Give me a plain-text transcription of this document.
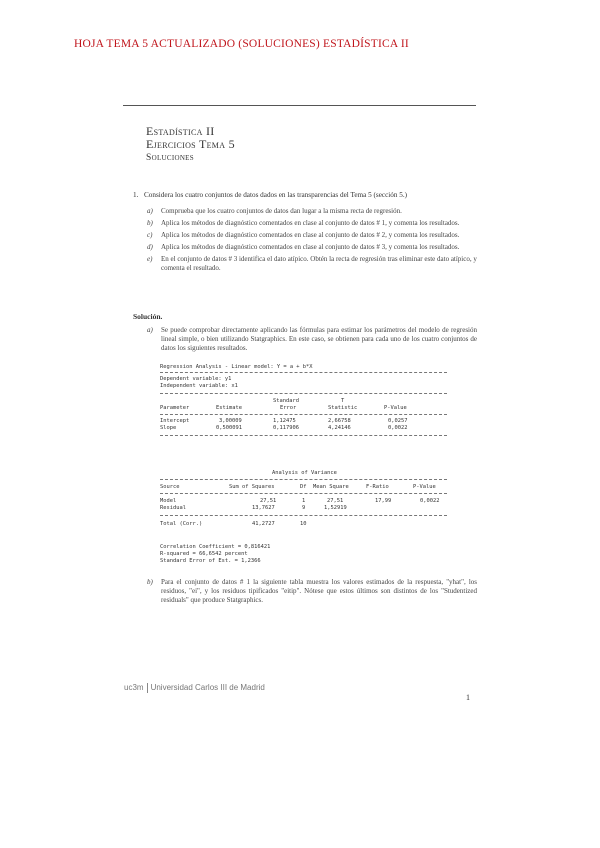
HOJA TEMA 5 ACTUALIZADO (SOLUCIONES) ESTADÍSTICA II
Estadística II
Ejercicios Tema 5
Soluciones
1. Considera los cuatro conjuntos de datos dados en las transparencias del Tema 5 (sección 5.)
a) Comprueba que los cuatro conjuntos de datos dan lugar a la misma recta de regresión.
b) Aplica los métodos de diagnóstico comentados en clase al conjunto de datos # 1, y comenta los resultados.
c) Aplica los métodos de diagnóstico comentados en clase al conjunto de datos # 2, y comenta los resultados.
d) Aplica los métodos de diagnóstico comentados en clase al conjunto de datos # 3, y comenta los resultados.
e) En el conjunto de datos # 3 identifica el dato atípico. Obtén la recta de regresión tras eliminar este dato atípico, y comenta el resultado.
Solución.
a) Se puede comprobar directamente aplicando las fórmulas para estimar los parámetros del modelo de regresión lineal simple, o bien utilizando Statgraphics. En este caso, se obtienen para cada uno de los cuatro conjuntos de datos los siguientes resultados.
Regression Analysis - Linear model: Y = a + b*X
Dependent variable: y1
Independent variable: x1
Standard	T
Parameter	Estimate	Error	Statistic	P-Value
Intercept	3,00009	1,12475	2,66758	0,0257
Slope	0,500091	0,117906	4,24146	0,0022
Analysis of Variance
Source	Sum of Squares	Df Mean Square	F-Ratio	P-Value
Model	27,51	1	27,51	17,99	0,0022
Residual	13,7627	9	1,52919
Total (Corr.)	41,2727	10
Correlation Coefficient = 0,816421
R-squared = 66,6542 percent
Standard Error of Est. = 1,2366
b) Para el conjunto de datos # 1 la siguiente tabla muestra los valores estimados de la respuesta, "yhat", los residuos, "ei", y los residuos tipificados "eitip". Nótese que estos últimos son distintos de los "Studentized residuals" que produce Statgraphics.
uc3m Universidad Carlos III de Madrid
1
